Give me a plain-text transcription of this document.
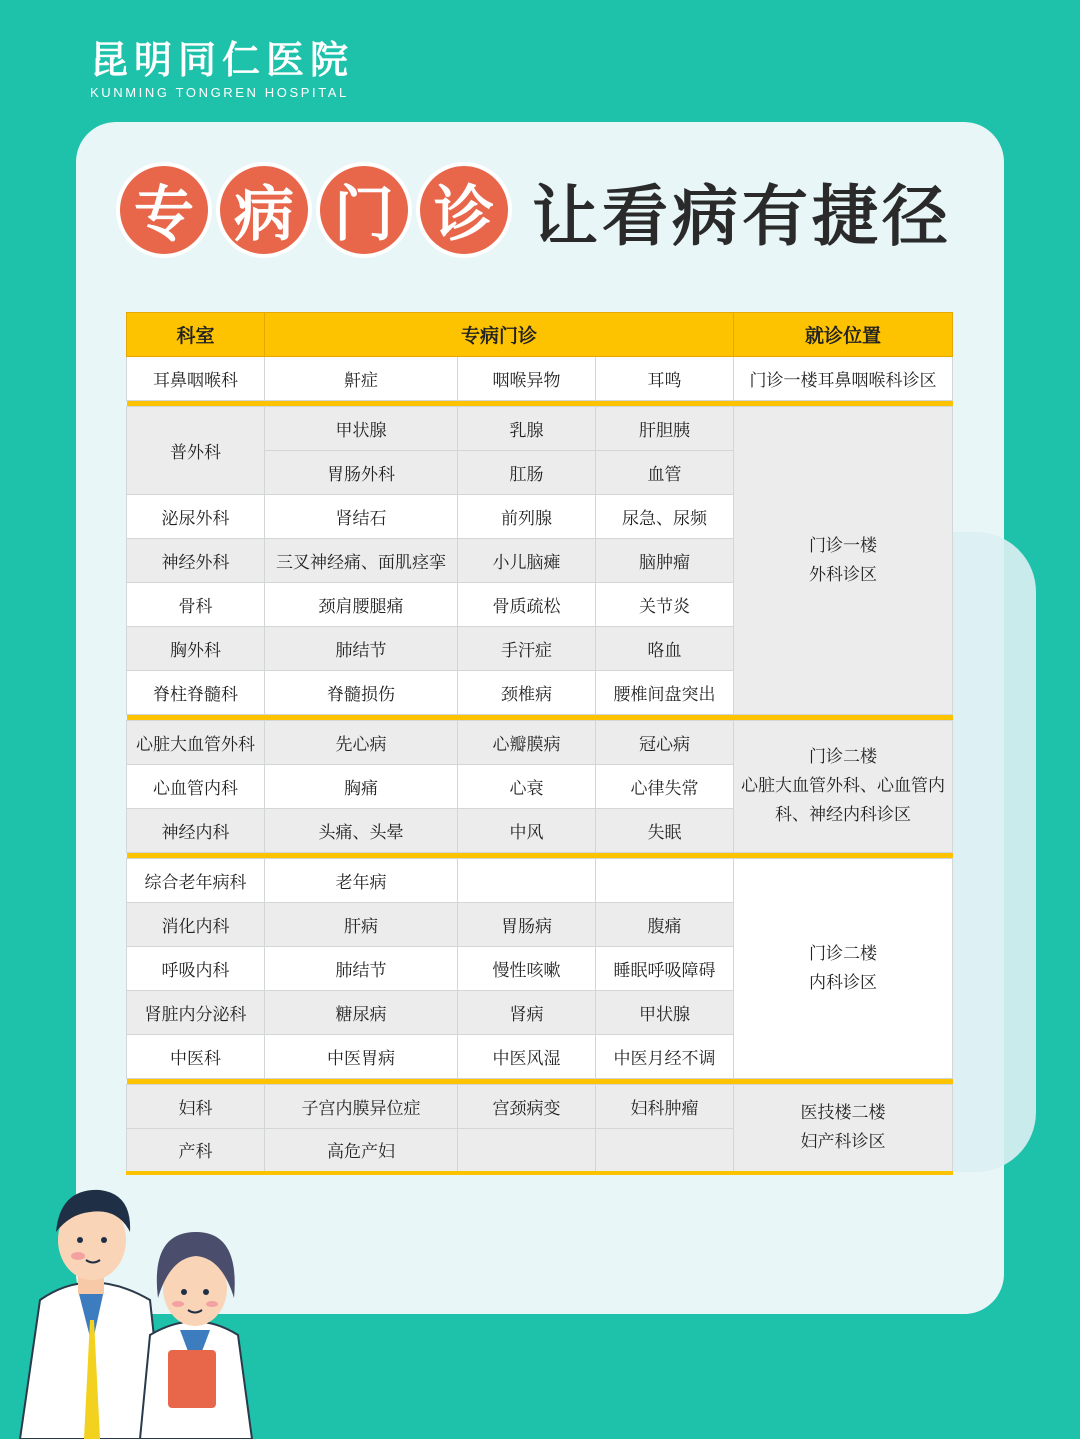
昆明同仁医院
KUNMING TONGREN HOSPITAL
专 病 门 诊 让看病有捷径
科室	专病门诊			就诊位置
耳鼻咽喉科	鼾症	咽喉异物	耳鸣	门诊一楼耳鼻咽喉科诊区

普外科	甲状腺	乳腺	肝胆胰	门诊一楼
外科诊区

	胃肠外科	肛肠	血管	
泌尿外科	肾结石	前列腺	尿急、尿频	
神经外科	三叉神经痛、面肌痉挛	小儿脑瘫	脑肿瘤	
骨科	颈肩腰腿痛	骨质疏松	关节炎	
胸外科	肺结节	手汗症	咯血	
脊柱脊髓科	脊髓损伤	颈椎病	腰椎间盘突出	

心脏大血管外科	先心病	心瓣膜病	冠心病	门诊二楼
心脏大血管外科、心血管内
科、神经内科诊区

心血管内科	胸痛	心衰	心律失常	
神经内科	头痛、头晕	中风	失眠	

综合老年病科	老年病			门诊二楼
内科诊区

消化内科	肝病	胃肠病	腹痛	
呼吸内科	肺结节	慢性咳嗽	睡眠呼吸障碍	
肾脏内分泌科	糖尿病	肾病	甲状腺	
中医科	中医胃病	中医风湿	中医月经不调	

妇科	子宫内膜异位症	宫颈病变	妇科肿瘤	医技楼二楼
妇产科诊区

产科	高危产妇			
